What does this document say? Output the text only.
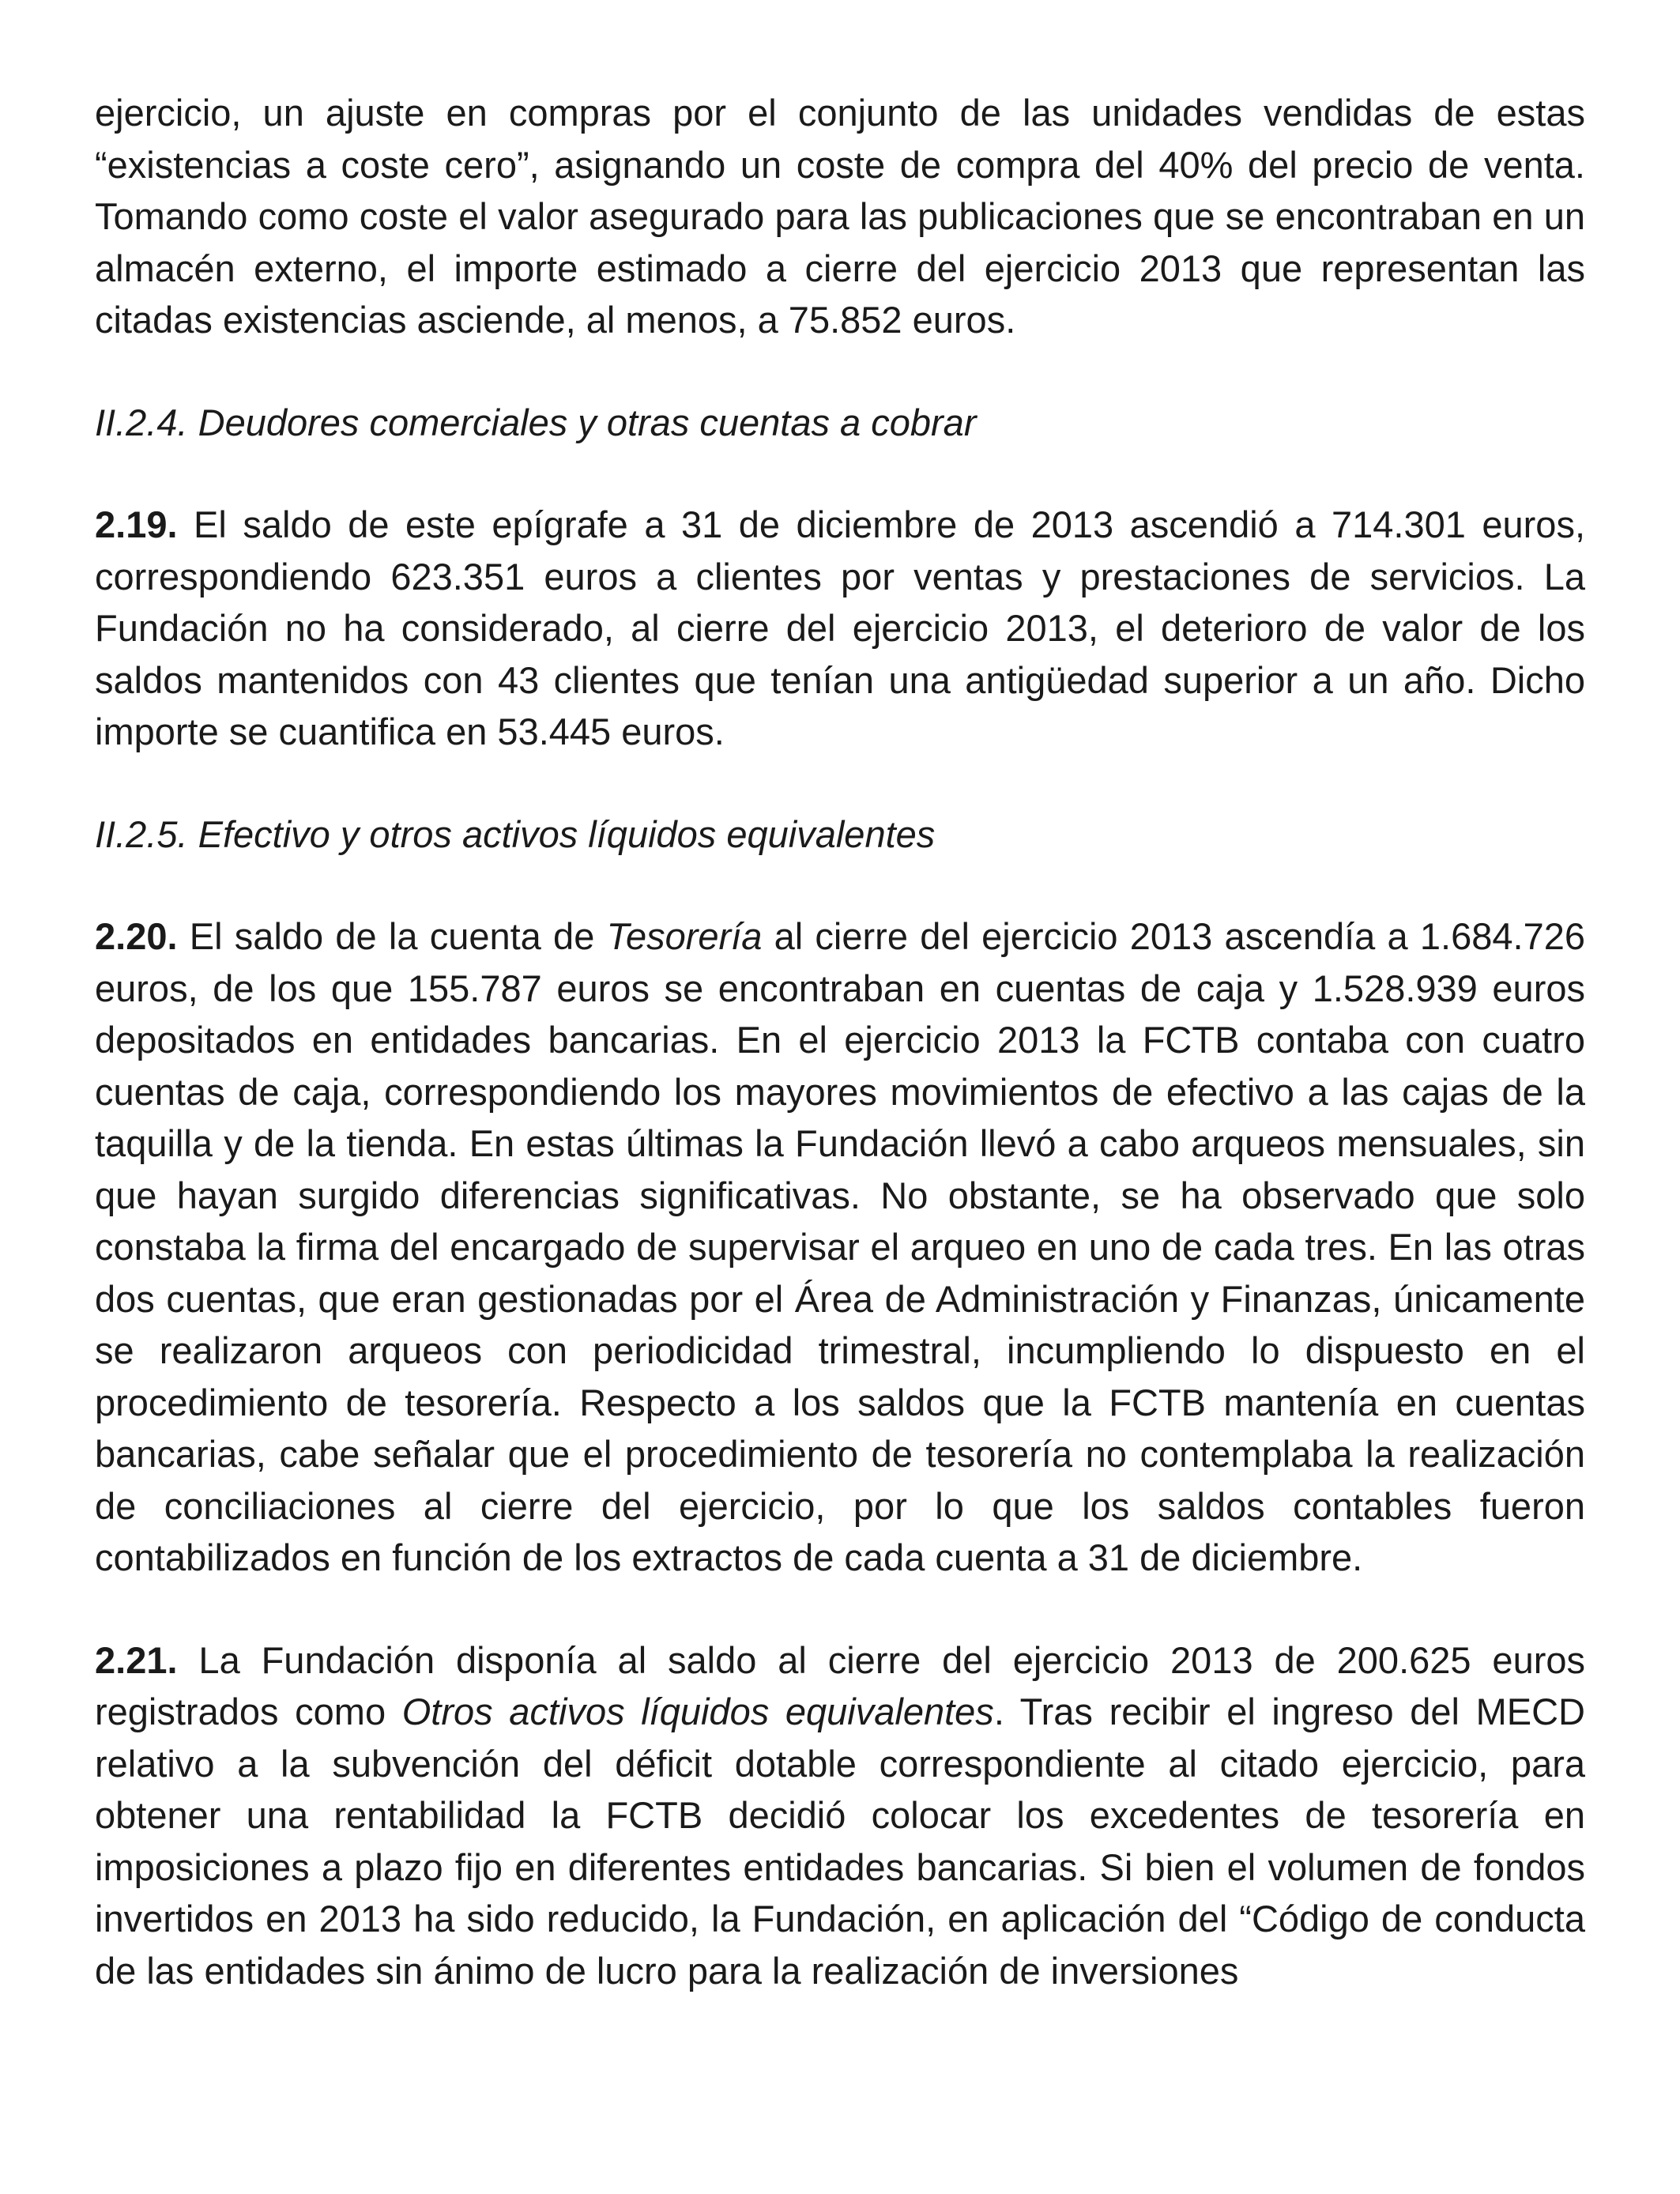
ejercicio, un ajuste en compras por el conjunto de las unidades vendidas de estas “existencias a coste cero”, asignando un coste de compra del 40% del precio de venta. Tomando como coste el valor asegurado para las publicaciones que se encontraban en un almacén externo, el importe estimado a cierre del ejercicio 2013 que representan las citadas existencias asciende, al menos, a 75.852 euros.

II.2.4. Deudores comerciales y otras cuentas a cobrar

2.19. El saldo de este epígrafe a 31 de diciembre de 2013 ascendió a 714.301 euros, correspondiendo 623.351 euros a clientes por ventas y prestaciones de servicios. La Fundación no ha considerado, al cierre del ejercicio 2013, el deterioro de valor de los saldos mantenidos con 43 clientes que tenían una antigüedad superior a un año. Dicho importe se cuantifica en 53.445 euros.

II.2.5. Efectivo y otros activos líquidos equivalentes

2.20. El saldo de la cuenta de Tesorería al cierre del ejercicio 2013 ascendía a 1.684.726 euros, de los que 155.787 euros se encontraban en cuentas de caja y 1.528.939 euros depositados en entidades bancarias. En el ejercicio 2013 la FCTB contaba con cuatro cuentas de caja, correspondiendo los mayores movimientos de efectivo a las cajas de la taquilla y de la tienda. En estas últimas la Fundación llevó a cabo arqueos mensuales, sin que hayan surgido diferencias significativas. No obstante, se ha observado que solo constaba la firma del encargado de supervisar el arqueo en uno de cada tres. En las otras dos cuentas, que eran gestionadas por el Área de Administración y Finanzas, únicamente se realizaron arqueos con periodicidad trimestral, incumpliendo lo dispuesto en el procedimiento de tesorería. Respecto a los saldos que la FCTB mantenía en cuentas bancarias, cabe señalar que el procedimiento de tesorería no contemplaba la realización de conciliaciones al cierre del ejercicio, por lo que los saldos contables fueron contabilizados en función de los extractos de cada cuenta a 31 de diciembre.

2.21. La Fundación disponía al saldo al cierre del ejercicio 2013 de 200.625 euros registrados como Otros activos líquidos equivalentes. Tras recibir el ingreso del MECD relativo a la subvención del déficit dotable correspondiente al citado ejercicio, para obtener una rentabilidad la FCTB decidió colocar los excedentes de tesorería en imposiciones a plazo fijo en diferentes entidades bancarias. Si bien el volumen de fondos invertidos en 2013 ha sido reducido, la Fundación, en aplicación del “Código de conducta de las entidades sin ánimo de lucro para la realización de inversiones
